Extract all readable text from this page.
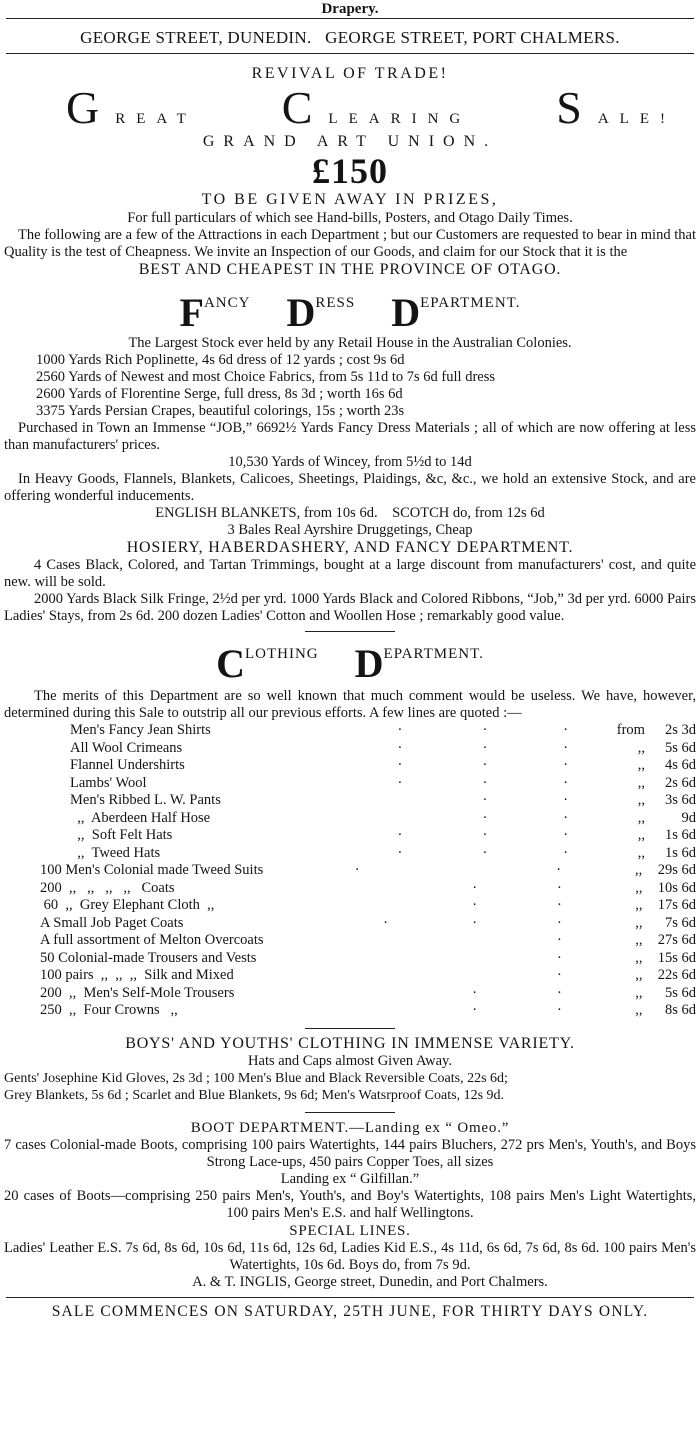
Drapery.
GEORGE STREET, DUNEDIN.   GEORGE STREET, PORT CHALMERS.
REVIVAL OF TRADE!
G REAT C LEARING S ALE!
GRAND ART UNION.
£150
TO BE GIVEN AWAY IN PRIZES,
For full particulars of which see Hand-bills, Posters, and Otago Daily Times.
The following are a few of the Attractions in each Department ; but our Customers are requested to bear in mind that Quality is the test of Cheapness. We invite an Inspection of our Goods, and claim for our Stock that it is the
BEST AND CHEAPEST IN THE PROVINCE OF OTAGO.
F ANCY D RESS D EPARTMENT.
The Largest Stock ever held by any Retail House in the Australian Colonies.
1000 Yards Rich Poplinette, 4s 6d dress of 12 yards ; cost 9s 6d
2560 Yards of Newest and most Choice Fabrics, from 5s 11d to 7s 6d full dress
2600 Yards of Florentine Serge, full dress, 8s 3d ; worth 16s 6d
3375 Yards Persian Crapes, beautiful colorings, 15s ; worth 23s
Purchased in Town an Immense “JOB,” 6692½ Yards Fancy Dress Materials ; all of which are now offering at less than manufacturers' prices.
10,530 Yards of Wincey, from 5½d to 14d
In Heavy Goods, Flannels, Blankets, Calicoes, Sheetings, Plaidings, &c, &c., we hold an extensive Stock, and are offering wonderful inducements.
ENGLISH BLANKETS, from 10s 6d.    SCOTCH do, from 12s 6d
3 Bales Real Ayrshire Druggetings, Cheap
HOSIERY, HABERDASHERY, AND FANCY DEPARTMENT.
4 Cases Black, Colored, and Tartan Trimmings, bought at a large discount from manufacturers' cost, and quite new. will be sold.
2000 Yards Black Silk Fringe, 2½d per yrd. 1000 Yards Black and Colored Ribbons, “Job,” 3d per yrd. 6000 Pairs Ladies' Stays, from 2s 6d. 200 dozen Ladies' Cotton and Woollen Hose ; remarkably good value.
C LOTHING D EPARTMENT.
The merits of this Department are so well known that much comment would be useless. We have, however, determined during this Sale to outstrip all our previous efforts. A few lines are quoted :—
Men's Fancy Jean Shirts	·	·	·	from	2s 3d
All Wool Crimeans	·	·	·	,,	5s 6d
Flannel Undershirts	·	·	·	,,	4s 6d
Lambs' Wool	·	·	·	,,	2s 6d
Men's Ribbed L. W. Pants	·	·	,,	3s 6d
,,  Aberdeen Half Hose	·	·	,,	9d
,,  Soft Felt Hats	·	·	·	,,	1s 6d
,,  Tweed Hats	·	·	·	,,	1s 6d
100 Men's Colonial made Tweed Suits	·	·	,,	29s 6d
200  ,,   ,,   ,,   ,,   Coats	·	·	,,	10s 6d
60  ,,  Grey Elephant Cloth  ,,	·	·	,,	17s 6d
A Small Job Paget Coats	·	·	·	,,	7s 6d
A full assortment of Melton Overcoats	·	,,	27s 6d
50 Colonial-made Trousers and Vests	·	,,	15s 6d
100 pairs  ,,  ,,  ,,  Silk and Mixed	·	,,	22s 6d
200  ,,  Men's Self-Mole Trousers	·	·	,,	5s 6d
250  ,,  Four Crowns   ,,	·	·	,,	8s 6d
BOYS' AND YOUTHS' CLOTHING IN IMMENSE VARIETY.
Hats and Caps almost Given Away.
Gents' Josephine Kid Gloves, 2s 3d ; 100 Men's Blue and Black Reversible Coats, 22s 6d;
Grey Blankets, 5s 6d ; Scarlet and Blue Blankets, 9s 6d; Men's Watsrproof Coats, 12s 9d.
BOOT DEPARTMENT.—Landing ex “ Omeo.”
7 cases Colonial-made Boots, comprising 100 pairs Watertights, 144 pairs Bluchers, 272 prs Men's, Youth's, and Boys Strong Lace-ups, 450 pairs Copper Toes, all sizes
Landing ex “ Gilfillan.”
20 cases of Boots—comprising 250 pairs Men's, Youth's, and Boy's Watertights, 108 pairs Men's Light Watertights, 100 pairs Men's E.S. and half Wellingtons.
SPECIAL LINES.
Ladies' Leather E.S. 7s 6d, 8s 6d, 10s 6d, 11s 6d, 12s 6d, Ladies Kid E.S., 4s 11d, 6s 6d, 7s 6d, 8s 6d. 100 pairs Men's Watertights, 10s 6d. Boys do, from 7s 9d.
A. & T. INGLIS, George street, Dunedin, and Port Chalmers.
SALE COMMENCES ON SATURDAY, 25TH JUNE, FOR THIRTY DAYS ONLY.
